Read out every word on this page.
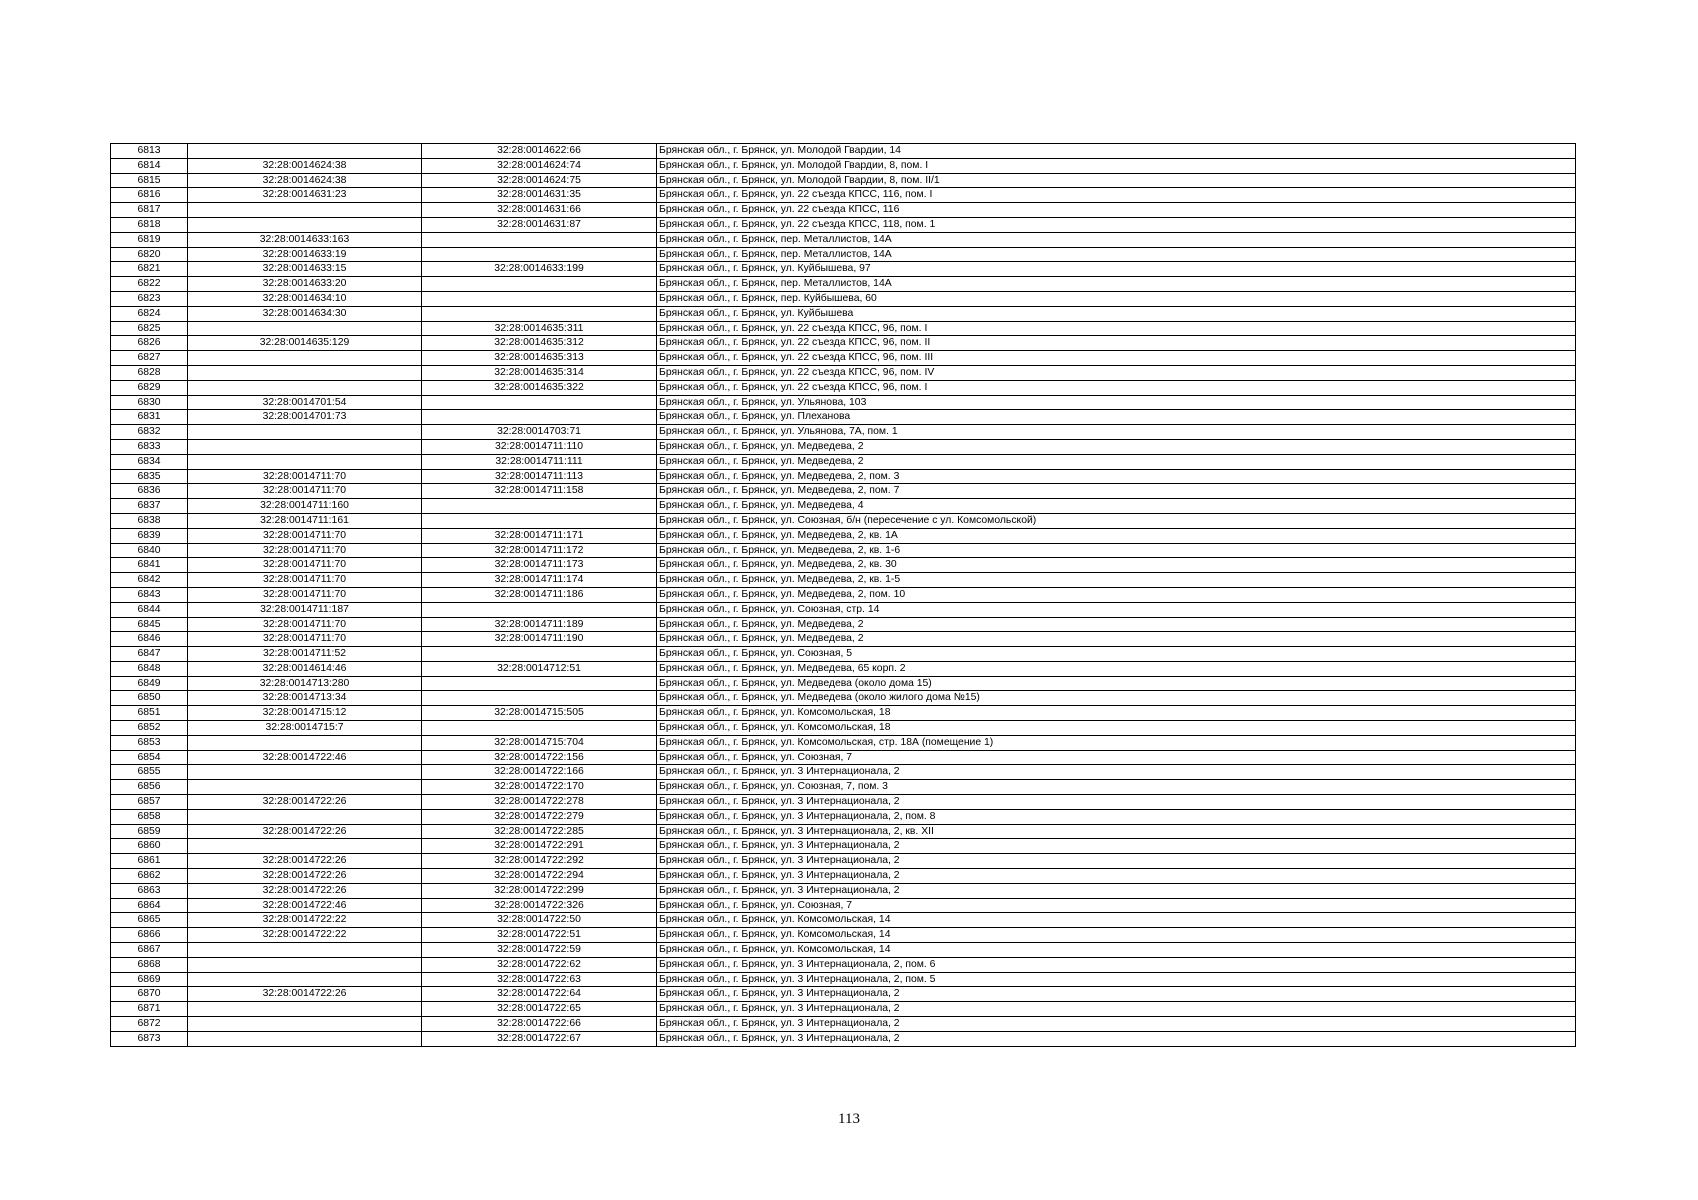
6813		32:28:0014622:66	Брянская обл., г. Брянск, ул. Молодой Гвардии, 14
6814	32:28:0014624:38	32:28:0014624:74	Брянская обл., г. Брянск, ул. Молодой Гвардии, 8, пом. I
6815	32:28:0014624:38	32:28:0014624:75	Брянская обл., г. Брянск, ул. Молодой Гвардии, 8, пом. II/1
6816	32:28:0014631:23	32:28:0014631:35	Брянская обл., г. Брянск, ул. 22 съезда КПСС, 116, пом. I
6817		32:28:0014631:66	Брянская обл., г. Брянск, ул. 22 съезда КПСС, 116
6818		32:28:0014631:87	Брянская обл., г. Брянск, ул. 22 съезда КПСС, 118, пом. 1
6819	32:28:0014633:163		Брянская обл., г. Брянск, пер. Металлистов, 14А
6820	32:28:0014633:19		Брянская обл., г. Брянск, пер. Металлистов, 14А
6821	32:28:0014633:15	32:28:0014633:199	Брянская обл., г. Брянск, ул. Куйбышева, 97
6822	32:28:0014633:20		Брянская обл., г. Брянск, пер. Металлистов, 14А
6823	32:28:0014634:10		Брянская обл., г. Брянск, пер. Куйбышева, 60
6824	32:28:0014634:30		Брянская обл., г. Брянск, ул. Куйбышева
6825		32:28:0014635:311	Брянская обл., г. Брянск, ул. 22 съезда КПСС, 96, пом. I
6826	32:28:0014635:129	32:28:0014635:312	Брянская обл., г. Брянск, ул. 22 съезда КПСС, 96, пом. II
6827		32:28:0014635:313	Брянская обл., г. Брянск, ул. 22 съезда КПСС, 96, пом. III
6828		32:28:0014635:314	Брянская обл., г. Брянск, ул. 22 съезда КПСС, 96, пом. IV
6829		32:28:0014635:322	Брянская обл., г. Брянск, ул. 22 съезда КПСС, 96, пом. I
6830	32:28:0014701:54		Брянская обл., г. Брянск, ул. Ульянова, 103
6831	32:28:0014701:73		Брянская обл., г. Брянск, ул. Плеханова
6832		32:28:0014703:71	Брянская обл., г. Брянск, ул. Ульянова, 7А, пом. 1
6833		32:28:0014711:110	Брянская обл., г. Брянск, ул. Медведева, 2
6834		32:28:0014711:111	Брянская обл., г. Брянск, ул. Медведева, 2
6835	32:28:0014711:70	32:28:0014711:113	Брянская обл., г. Брянск, ул. Медведева, 2, пом. 3
6836	32:28:0014711:70	32:28:0014711:158	Брянская обл., г. Брянск, ул. Медведева, 2, пом. 7
6837	32:28:0014711:160		Брянская обл., г. Брянск, ул. Медведева, 4
6838	32:28:0014711:161		Брянская обл., г. Брянск, ул. Союзная, б/н (пересечение с ул. Комсомольской)
6839	32:28:0014711:70	32:28:0014711:171	Брянская обл., г. Брянск, ул. Медведева, 2, кв. 1А
6840	32:28:0014711:70	32:28:0014711:172	Брянская обл., г. Брянск, ул. Медведева, 2, кв. 1-6
6841	32:28:0014711:70	32:28:0014711:173	Брянская обл., г. Брянск, ул. Медведева, 2, кв. 30
6842	32:28:0014711:70	32:28:0014711:174	Брянская обл., г. Брянск, ул. Медведева, 2, кв. 1-5
6843	32:28:0014711:70	32:28:0014711:186	Брянская обл., г. Брянск, ул. Медведева, 2, пом. 10
6844	32:28:0014711:187		Брянская обл., г. Брянск, ул. Союзная, стр. 14
6845	32:28:0014711:70	32:28:0014711:189	Брянская обл., г. Брянск, ул. Медведева, 2
6846	32:28:0014711:70	32:28:0014711:190	Брянская обл., г. Брянск, ул. Медведева, 2
6847	32:28:0014711:52		Брянская обл., г. Брянск, ул. Союзная, 5
6848	32:28:0014614:46	32:28:0014712:51	Брянская обл., г. Брянск, ул. Медведева, 65 корп. 2
6849	32:28:0014713:280		Брянская обл., г. Брянск, ул. Медведева (около дома 15)
6850	32:28:0014713:34		Брянская обл., г. Брянск, ул. Медведева (около жилого дома №15)
6851	32:28:0014715:12	32:28:0014715:505	Брянская обл., г. Брянск, ул. Комсомольская, 18
6852	32:28:0014715:7		Брянская обл., г. Брянск, ул. Комсомольская, 18
6853		32:28:0014715:704	Брянская обл., г. Брянск, ул. Комсомольская, стр. 18А (помещение 1)
6854	32:28:0014722:46	32:28:0014722:156	Брянская обл., г. Брянск, ул. Союзная, 7
6855		32:28:0014722:166	Брянская обл., г. Брянск, ул. 3 Интернационала, 2
6856		32:28:0014722:170	Брянская обл., г. Брянск, ул. Союзная, 7, пом. 3
6857	32:28:0014722:26	32:28:0014722:278	Брянская обл., г. Брянск, ул. 3 Интернационала, 2
6858		32:28:0014722:279	Брянская обл., г. Брянск, ул. 3 Интернационала, 2, пом. 8
6859	32:28:0014722:26	32:28:0014722:285	Брянская обл., г. Брянск, ул. 3 Интернационала, 2, кв. XII
6860		32:28:0014722:291	Брянская обл., г. Брянск, ул. 3 Интернационала, 2
6861	32:28:0014722:26	32:28:0014722:292	Брянская обл., г. Брянск, ул. 3 Интернационала, 2
6862	32:28:0014722:26	32:28:0014722:294	Брянская обл., г. Брянск, ул. 3 Интернационала, 2
6863	32:28:0014722:26	32:28:0014722:299	Брянская обл., г. Брянск, ул. 3 Интернационала, 2
6864	32:28:0014722:46	32:28:0014722:326	Брянская обл., г. Брянск, ул. Союзная, 7
6865	32:28:0014722:22	32:28:0014722:50	Брянская обл., г. Брянск, ул. Комсомольская, 14
6866	32:28:0014722:22	32:28:0014722:51	Брянская обл., г. Брянск, ул. Комсомольская, 14
6867		32:28:0014722:59	Брянская обл., г. Брянск, ул. Комсомольская, 14
6868		32:28:0014722:62	Брянская обл., г. Брянск, ул. 3 Интернационала, 2, пом. 6
6869		32:28:0014722:63	Брянская обл., г. Брянск, ул. 3 Интернационала, 2, пом. 5
6870	32:28:0014722:26	32:28:0014722:64	Брянская обл., г. Брянск, ул. 3 Интернационала, 2
6871		32:28:0014722:65	Брянская обл., г. Брянск, ул. 3 Интернационала, 2
6872		32:28:0014722:66	Брянская обл., г. Брянск, ул. 3 Интернационала, 2
6873		32:28:0014722:67	Брянская обл., г. Брянск, ул. 3 Интернационала, 2
113
